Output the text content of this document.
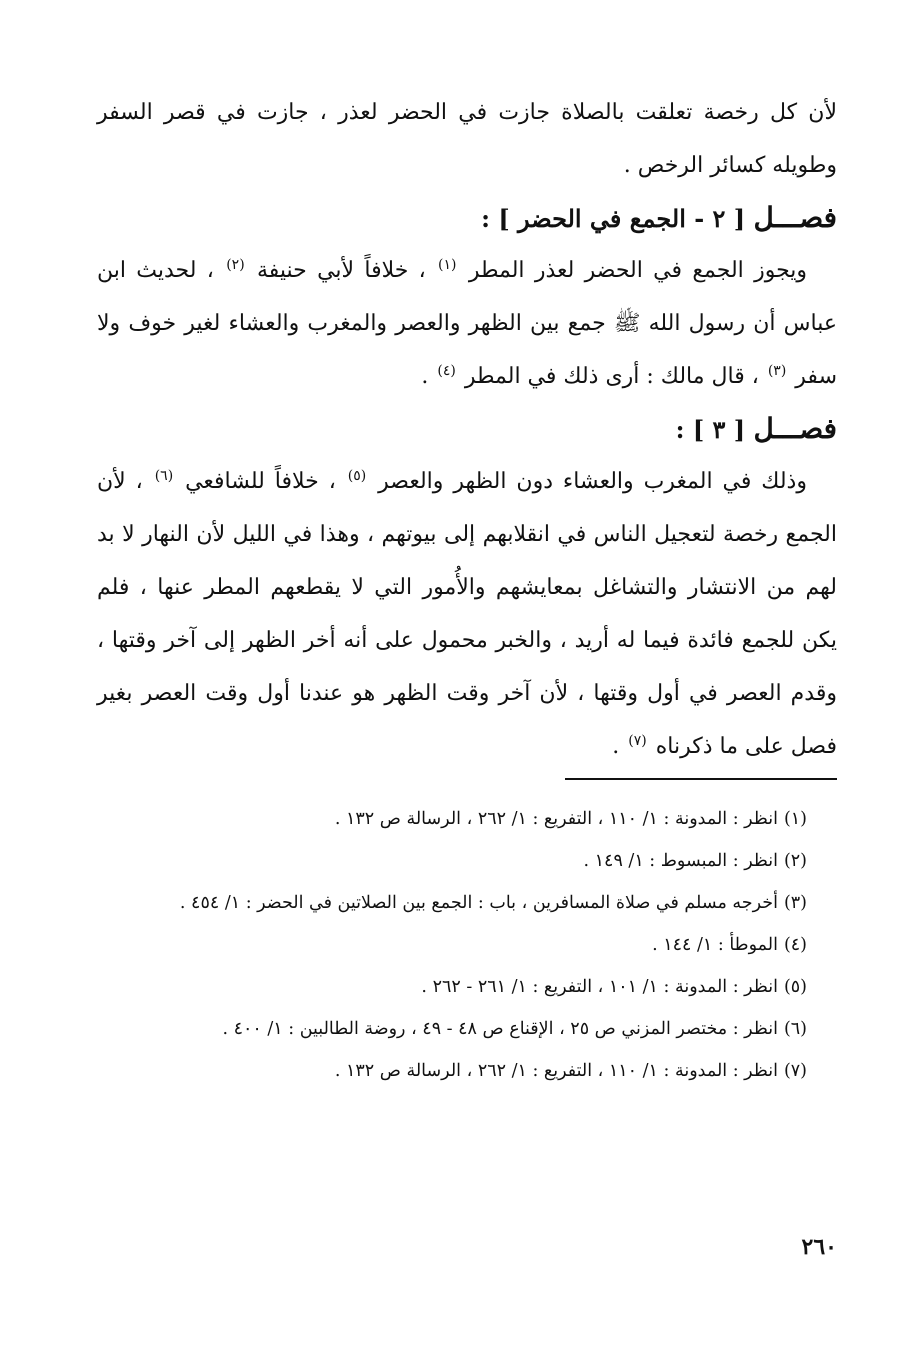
لأن كل رخصة تعلقت بالصلاة جازت في الحضر لعذر ، جازت في قصر السفر وطويله كسائر الرخص .

فصـــل [ ٢ - الجمع في الحضر ] :

ويجوز الجمع في الحضر لعذر المطر $^{(١)}$ ، خلافاً لأبي حنيفة $^{(٢)}$ ، لحديث ابن عباس أن رسول الله ﷺ جمع بين الظهر والعصر والمغرب والعشاء لغير خوف ولا سفر $^{(٣)}$ ، قال مالك : أرى ذلك في المطر $^{(٤)}$ .

فصـــل [ ٣ ] :

وذلك في المغرب والعشاء دون الظهر والعصر $^{(٥)}$ ، خلافاً للشافعي $^{(٦)}$ ، لأن الجمع رخصة لتعجيل الناس في انقلابهم إلى بيوتهم ، وهذا في الليل لأن النهار لا بد لهم من الانتشار والتشاغل بمعايشهم والأُمور التي لا يقطعهم المطر عنها ، فلم يكن للجمع فائدة فيما له أريد ، والخبر محمول على أنه أخر الظهر إلى آخر وقتها ، وقدم العصر في أول وقتها ، لأن آخر وقت الظهر هو عندنا أول وقت العصر بغير فصل على ما ذكرناه $^{(٧)}$ .

(١)انظر : المدونة : ١/ ١١٠ ، التفريع : ١/ ٢٦٢ ، الرسالة ص ١٣٢ .

(٢)انظر : المبسوط : ١/ ١٤٩ .

(٣)أخرجه مسلم في صلاة المسافرين ، باب : الجمع بين الصلاتين في الحضر : ١/ ٤٥٤ .

(٤)الموطأ : ١/ ١٤٤ .

(٥)انظر : المدونة : ١/ ١٠١ ، التفريع : ١/ ٢٦١ - ٢٦٢ .

(٦)انظر : مختصر المزني ص ٢٥ ، الإقناع ص ٤٨ - ٤٩ ، روضة الطالبين : ١/ ٤٠٠ .

(٧)انظر : المدونة : ١/ ١١٠ ، التفريع : ١/ ٢٦٢ ، الرسالة ص ١٣٢ .

٢٦٠
